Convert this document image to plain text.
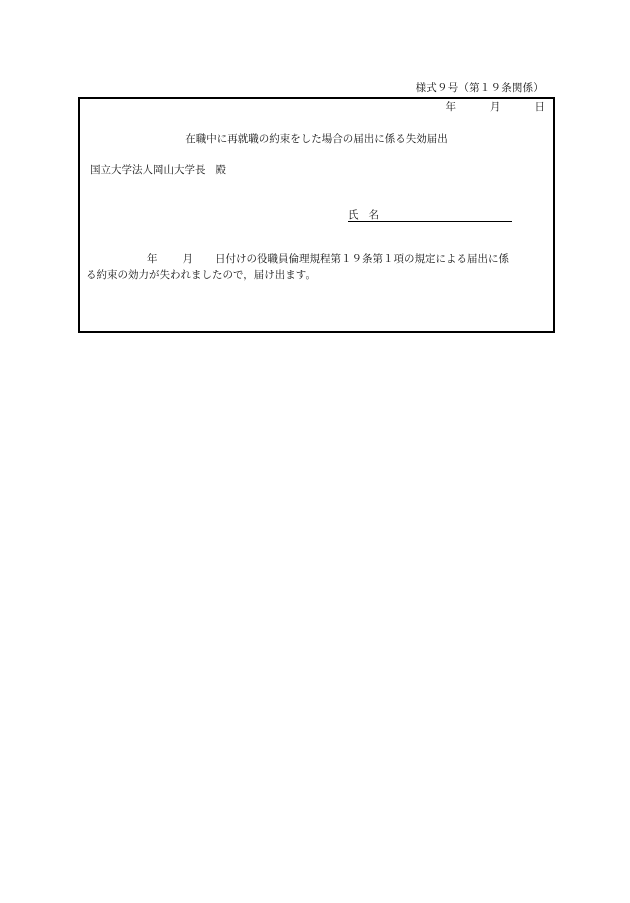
様式９号（第１９条関係）
年	月	日
在職中に再就職の約束をした場合の届出に係る失効届出
国立大学法人岡山大学長 殿
氏名
年 月 日付けの役職員倫理規程第１９条第１項の規定による届出に係
る約束の効力が失われましたので，届け出ます。
